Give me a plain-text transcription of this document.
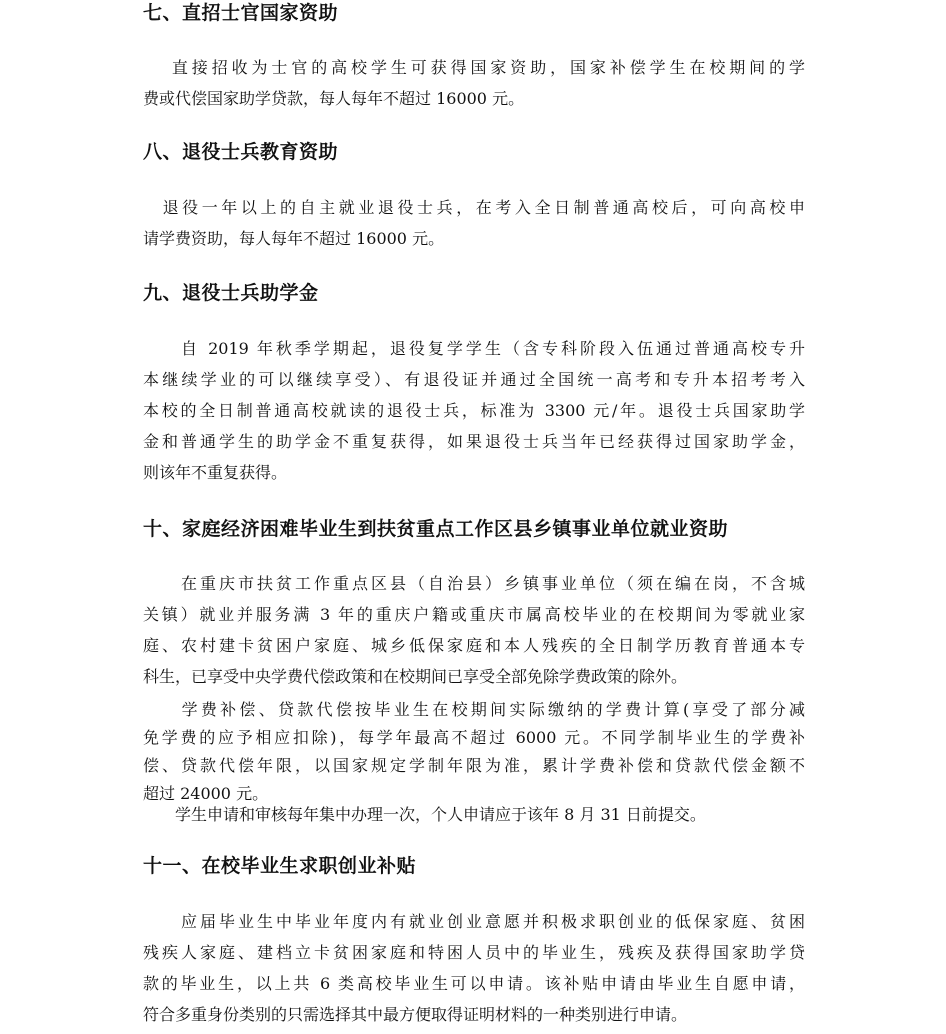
七、直招士官国家资助
　 直接招收为士官的高校学生可获得国家资助，国家补偿学生在校期间的学
费或代偿国家助学贷款，每人每年不超过 16000 元。
八、退役士兵教育资助
　退役一年以上的自主就业退役士兵，在考入全日制普通高校后，可向高校申
请学费资助，每人每年不超过 16000 元。
九、退役士兵助学金
　　自 2019 年秋季学期起，退役复学学生（含专科阶段入伍通过普通高校专升
本继续学业的可以继续享受）、有退役证并通过全国统一高考和专升本招考考入
本校的全日制普通高校就读的退役士兵，标准为 3300 元/年。退役士兵国家助学
金和普通学生的助学金不重复获得，如果退役士兵当年已经获得过国家助学金，
则该年不重复获得。
十、家庭经济困难毕业生到扶贫重点工作区县乡镇事业单位就业资助
　　在重庆市扶贫工作重点区县（自治县）乡镇事业单位（须在编在岗，不含城
关镇）就业并服务满 3 年的重庆户籍或重庆市属高校毕业的在校期间为零就业家
庭、农村建卡贫困户家庭、城乡低保家庭和本人残疾的全日制学历教育普通本专
科生，已享受中央学费代偿政策和在校期间已享受全部免除学费政策的除外。
　　学费补偿、贷款代偿按毕业生在校期间实际缴纳的学费计算(享受了部分减
免学费的应予相应扣除)，每学年最高不超过 6000 元。不同学制毕业生的学费补
偿、贷款代偿年限，以国家规定学制年限为准，累计学费补偿和贷款代偿金额不
超过 24000 元。
　　学生申请和审核每年集中办理一次，个人申请应于该年 8 月 31 日前提交。
十一、在校毕业生求职创业补贴
　　应届毕业生中毕业年度内有就业创业意愿并积极求职创业的低保家庭、贫困
残疾人家庭、建档立卡贫困家庭和特困人员中的毕业生，残疾及获得国家助学贷
款的毕业生，以上共 6 类高校毕业生可以申请。该补贴申请由毕业生自愿申请，
符合多重身份类别的只需选择其中最方便取得证明材料的一种类别进行申请。
